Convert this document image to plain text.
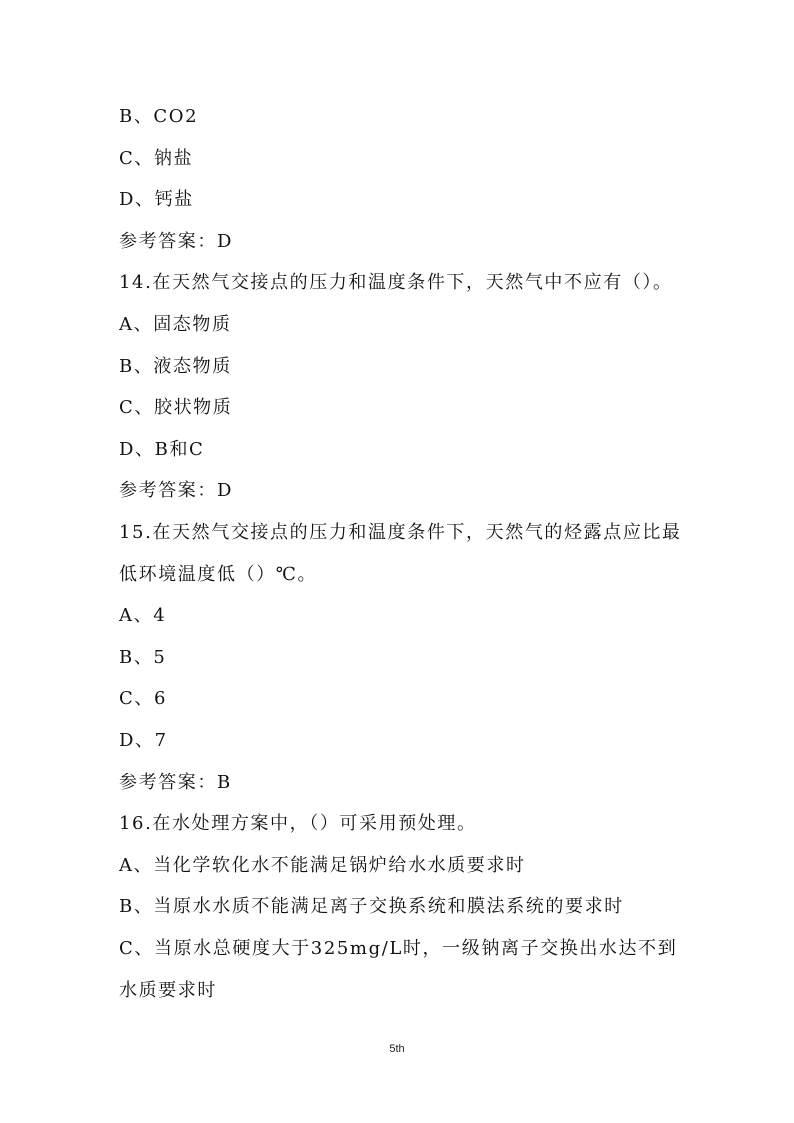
B、CO2
C、钠盐
D、钙盐
参考答案：D
14.在天然气交接点的压力和温度条件下，天然气中不应有（）。
A、固态物质
B、液态物质
C、胶状物质
D、B和C
参考答案：D
15.在天然气交接点的压力和温度条件下，天然气的烃露点应比最
低环境温度低（）℃。
A、4
B、5
C、6
D、7
参考答案：B
16.在水处理方案中，（）可采用预处理。
A、当化学软化水不能满足锅炉给水水质要求时
B、当原水水质不能满足离子交换系统和膜法系统的要求时
C、当原水总硬度大于325mg/L时，一级钠离子交换出水达不到
水质要求时
5th
